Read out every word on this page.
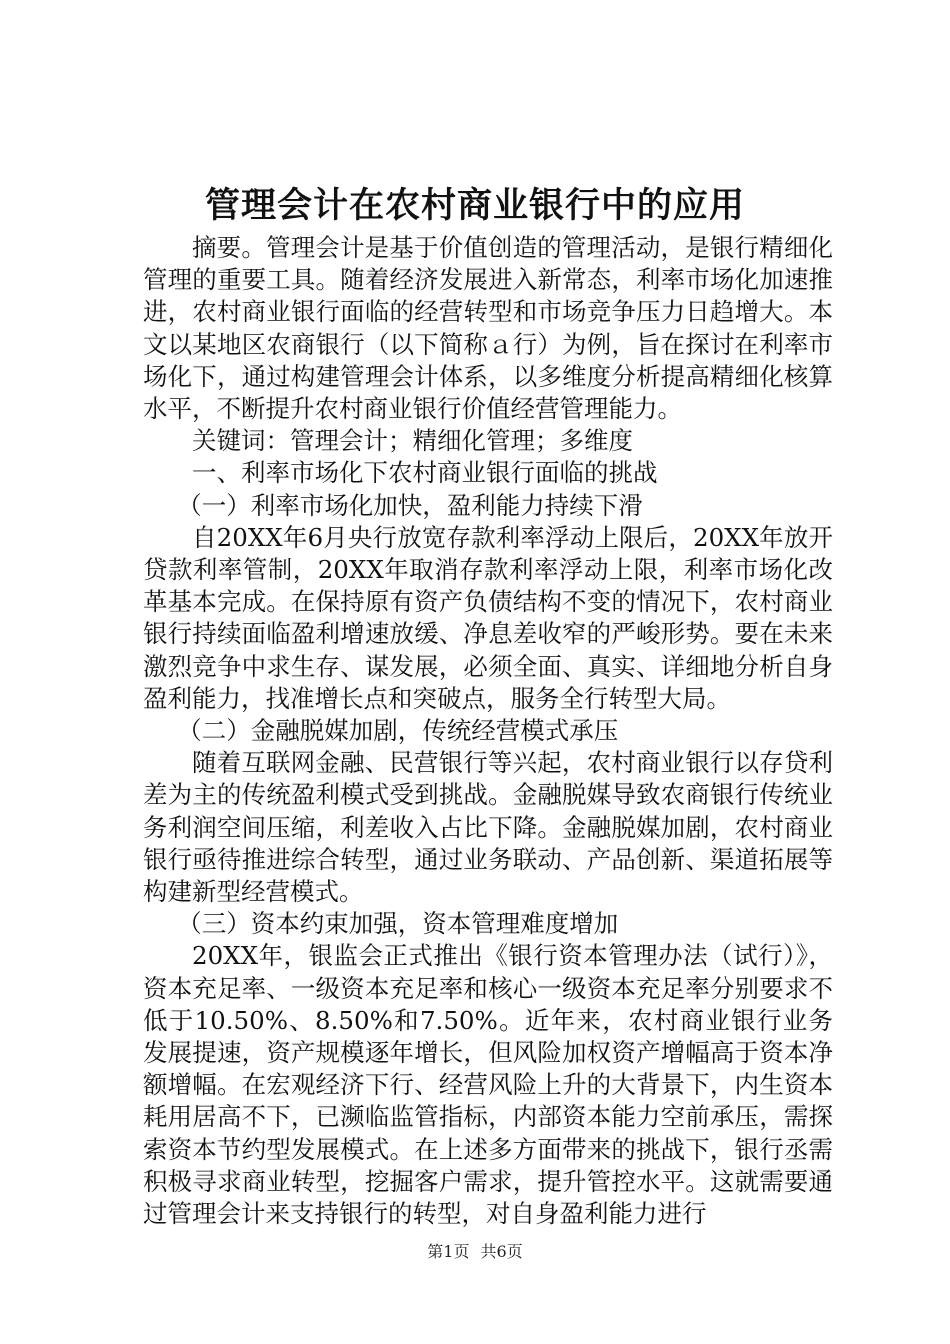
管理会计在农村商业银行中的应用

摘要。管理会计是基于价值创造的管理活动，是银行精细化管理的重要工具。随着经济发展进入新常态，利率市场化加速推进，农村商业银行面临的经营转型和市场竞争压力日趋增大。本文以某地区农商银行（以下简称ａ行）为例，旨在探讨在利率市场化下，通过构建管理会计体系，以多维度分析提高精细化核算水平，不断提升农村商业银行价值经营管理能力。

关键词：管理会计；精细化管理；多维度

一、利率市场化下农村商业银行面临的挑战

（一）利率市场化加快，盈利能力持续下滑

自20XX年6月央行放宽存款利率浮动上限后，20XX年放开贷款利率管制，20XX年取消存款利率浮动上限，利率市场化改革基本完成。在保持原有资产负债结构不变的情况下，农村商业银行持续面临盈利增速放缓、净息差收窄的严峻形势。要在未来激烈竞争中求生存、谋发展，必须全面、真实、详细地分析自身盈利能力，找准增长点和突破点，服务全行转型大局。

（二）金融脱媒加剧，传统经营模式承压

随着互联网金融、民营银行等兴起，农村商业银行以存贷利差为主的传统盈利模式受到挑战。金融脱媒导致农商银行传统业务利润空间压缩，利差收入占比下降。金融脱媒加剧，农村商业银行亟待推进综合转型，通过业务联动、产品创新、渠道拓展等构建新型经营模式。

（三）资本约束加强，资本管理难度增加

20XX年，银监会正式推出《银行资本管理办法（试行）》，资本充足率、一级资本充足率和核心一级资本充足率分别要求不低于10.50%、8.50%和7.50%。近年来，农村商业银行业务发展提速，资产规模逐年增长，但风险加权资产增幅高于资本净额增幅。在宏观经济下行、经营风险上升的大背景下，内生资本耗用居高不下，已濒临监管指标，内部资本能力空前承压，需探索资本节约型发展模式。在上述多方面带来的挑战下，银行丞需积极寻求商业转型，挖掘客户需求，提升管控水平。这就需要通过管理会计来支持银行的转型，对自身盈利能力进行

第1页 共6页
